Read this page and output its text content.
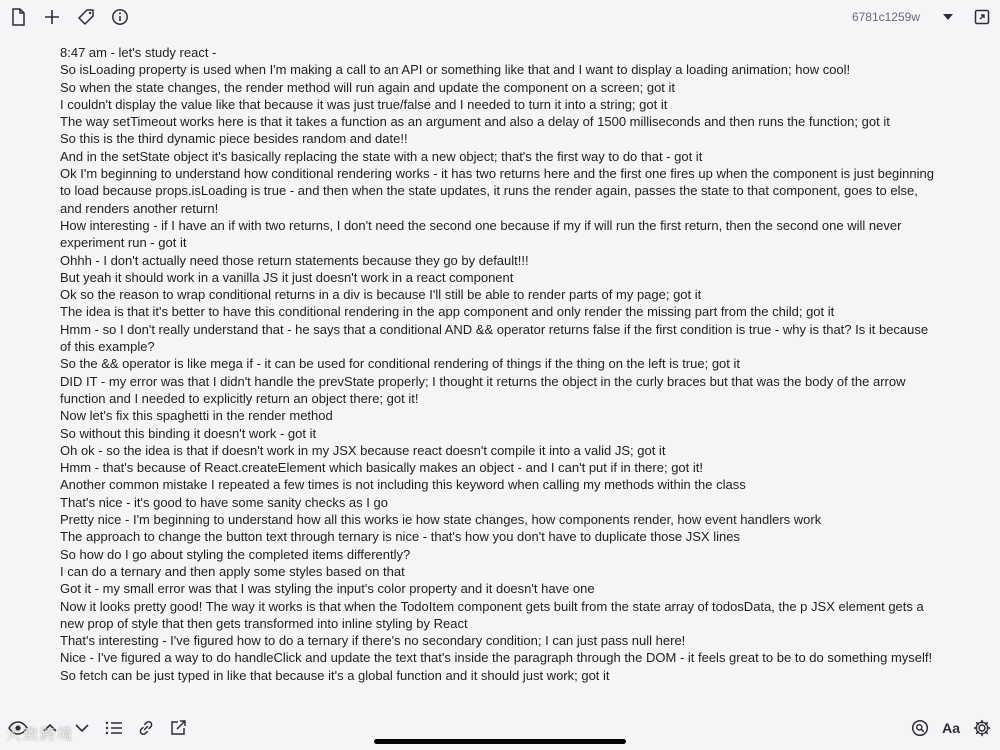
6781c1259w

8:47 am - let's study react -

So isLoading property is used when I'm making a call to an API or something like that and I want to display a loading animation; how cool!

So when the state changes, the render method will run again and update the component on a screen; got it

I couldn't display the value like that because it was just true/false and I needed to turn it into a string; got it

The way setTimeout works here is that it takes a function as an argument and also a delay of 1500 milliseconds and then runs the function; got it

So this is the third dynamic piece besides random and date!!

And in the setState object it's basically replacing the state with a new object; that's the first way to do that - got it

Ok I'm beginning to understand how conditional rendering works - it has two returns here and the first one fires up when the component is just beginning to load because props.isLoading is true - and then when the state updates, it runs the render again, passes the state to that component, goes to else, and renders another return!

How interesting - if I have an if with two returns, I don't need the second one because if my if will run the first return, then the second one will never experiment run - got it

Ohhh - I don't actually need those return statements because they go by default!!!

But yeah it should work in a vanilla JS it just doesn't work in a react component

Ok so the reason to wrap conditional returns in a div is because I'll still be able to render parts of my page; got it

The idea is that it's better to have this conditional rendering in the app component and only render the missing part from the child; got it

Hmm - so I don't really understand that - he says that a conditional AND && operator returns false if the first condition is true - why is that? Is it because of this example?

So the && operator is like mega if - it can be used for conditional rendering of things if the thing on the left is true; got it

DID IT - my error was that I didn't handle the prevState properly; I thought it returns the object in the curly braces but that was the body of the arrow function and I needed to explicitly return an object there; got it!

Now let's fix this spaghetti in the render method

So without this binding it doesn't work - got it

Oh ok - so the idea is that if doesn't work in my JSX because react doesn't compile it into a valid JS; got it

Hmm - that's because of React.createElement which basically makes an object - and I can't put if in there; got it!

Another common mistake I repeated a few times is not including this keyword when calling my methods within the class

That's nice - it's good to have some sanity checks as I go

Pretty nice - I'm beginning to understand how all this works ie how state changes, how components render, how event handlers work

The approach to change the button text through ternary is nice - that's how you don't have to duplicate those JSX lines

So how do I go about styling the completed items differently?

I can do a ternary and then apply some styles based on that

Got it - my small error was that I was styling the input's color property and it doesn't have one

Now it looks pretty good! The way it works is that when the TodoItem component gets built from the state array of todosData, the p JSX element gets a new prop of style that then gets transformed into inline styling by React

That's interesting - I've figured how to do a ternary if there's no secondary condition; I can just pass null here!

Nice - I've figured a way to do handleClick and update the text that's inside the paragraph through the DOM - it feels great to be to do something myself!

So fetch can be just typed in like that because it's a global function and it should just work; got it

Aa
大致跨境
